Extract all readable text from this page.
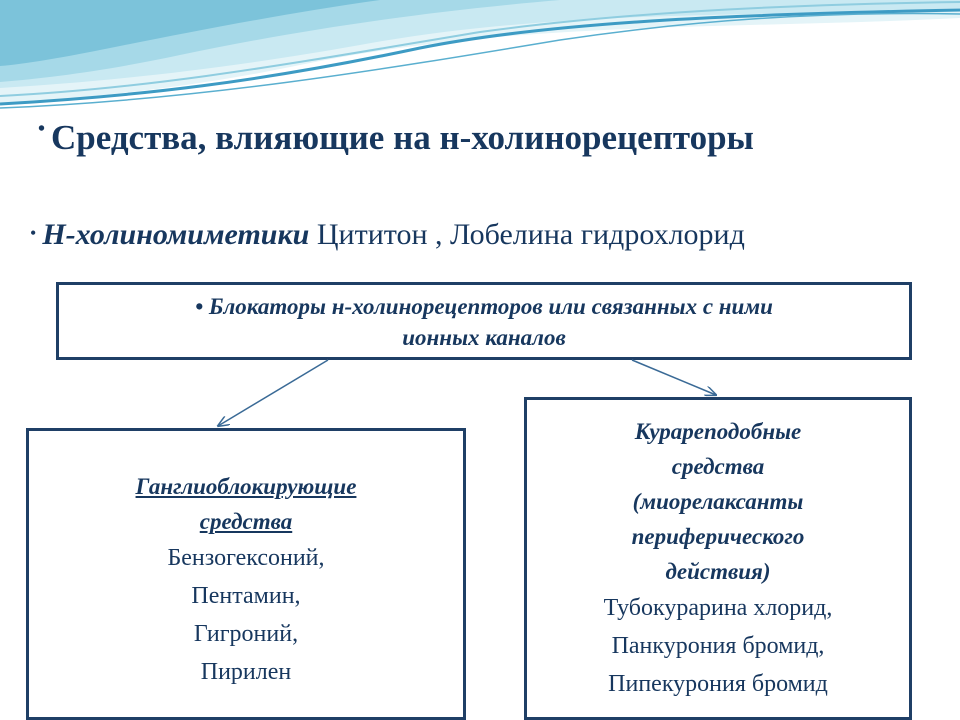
• Средства, влияющие на н-холинорецепторы
• Н-холиномиметики Цититон , Лобелина гидрохлорид
• Блокаторы н-холинорецепторов или связанных с ними
ионных каналов
Ганглиоблокирующие
средства
Бензогексоний,
Пентамин,
Гигроний,
Пирилен
Курареподобные
средства
(миорелаксанты
периферического
действия)
Тубокурарина хлорид,
Панкурония бромид,
Пипекурония бромид
